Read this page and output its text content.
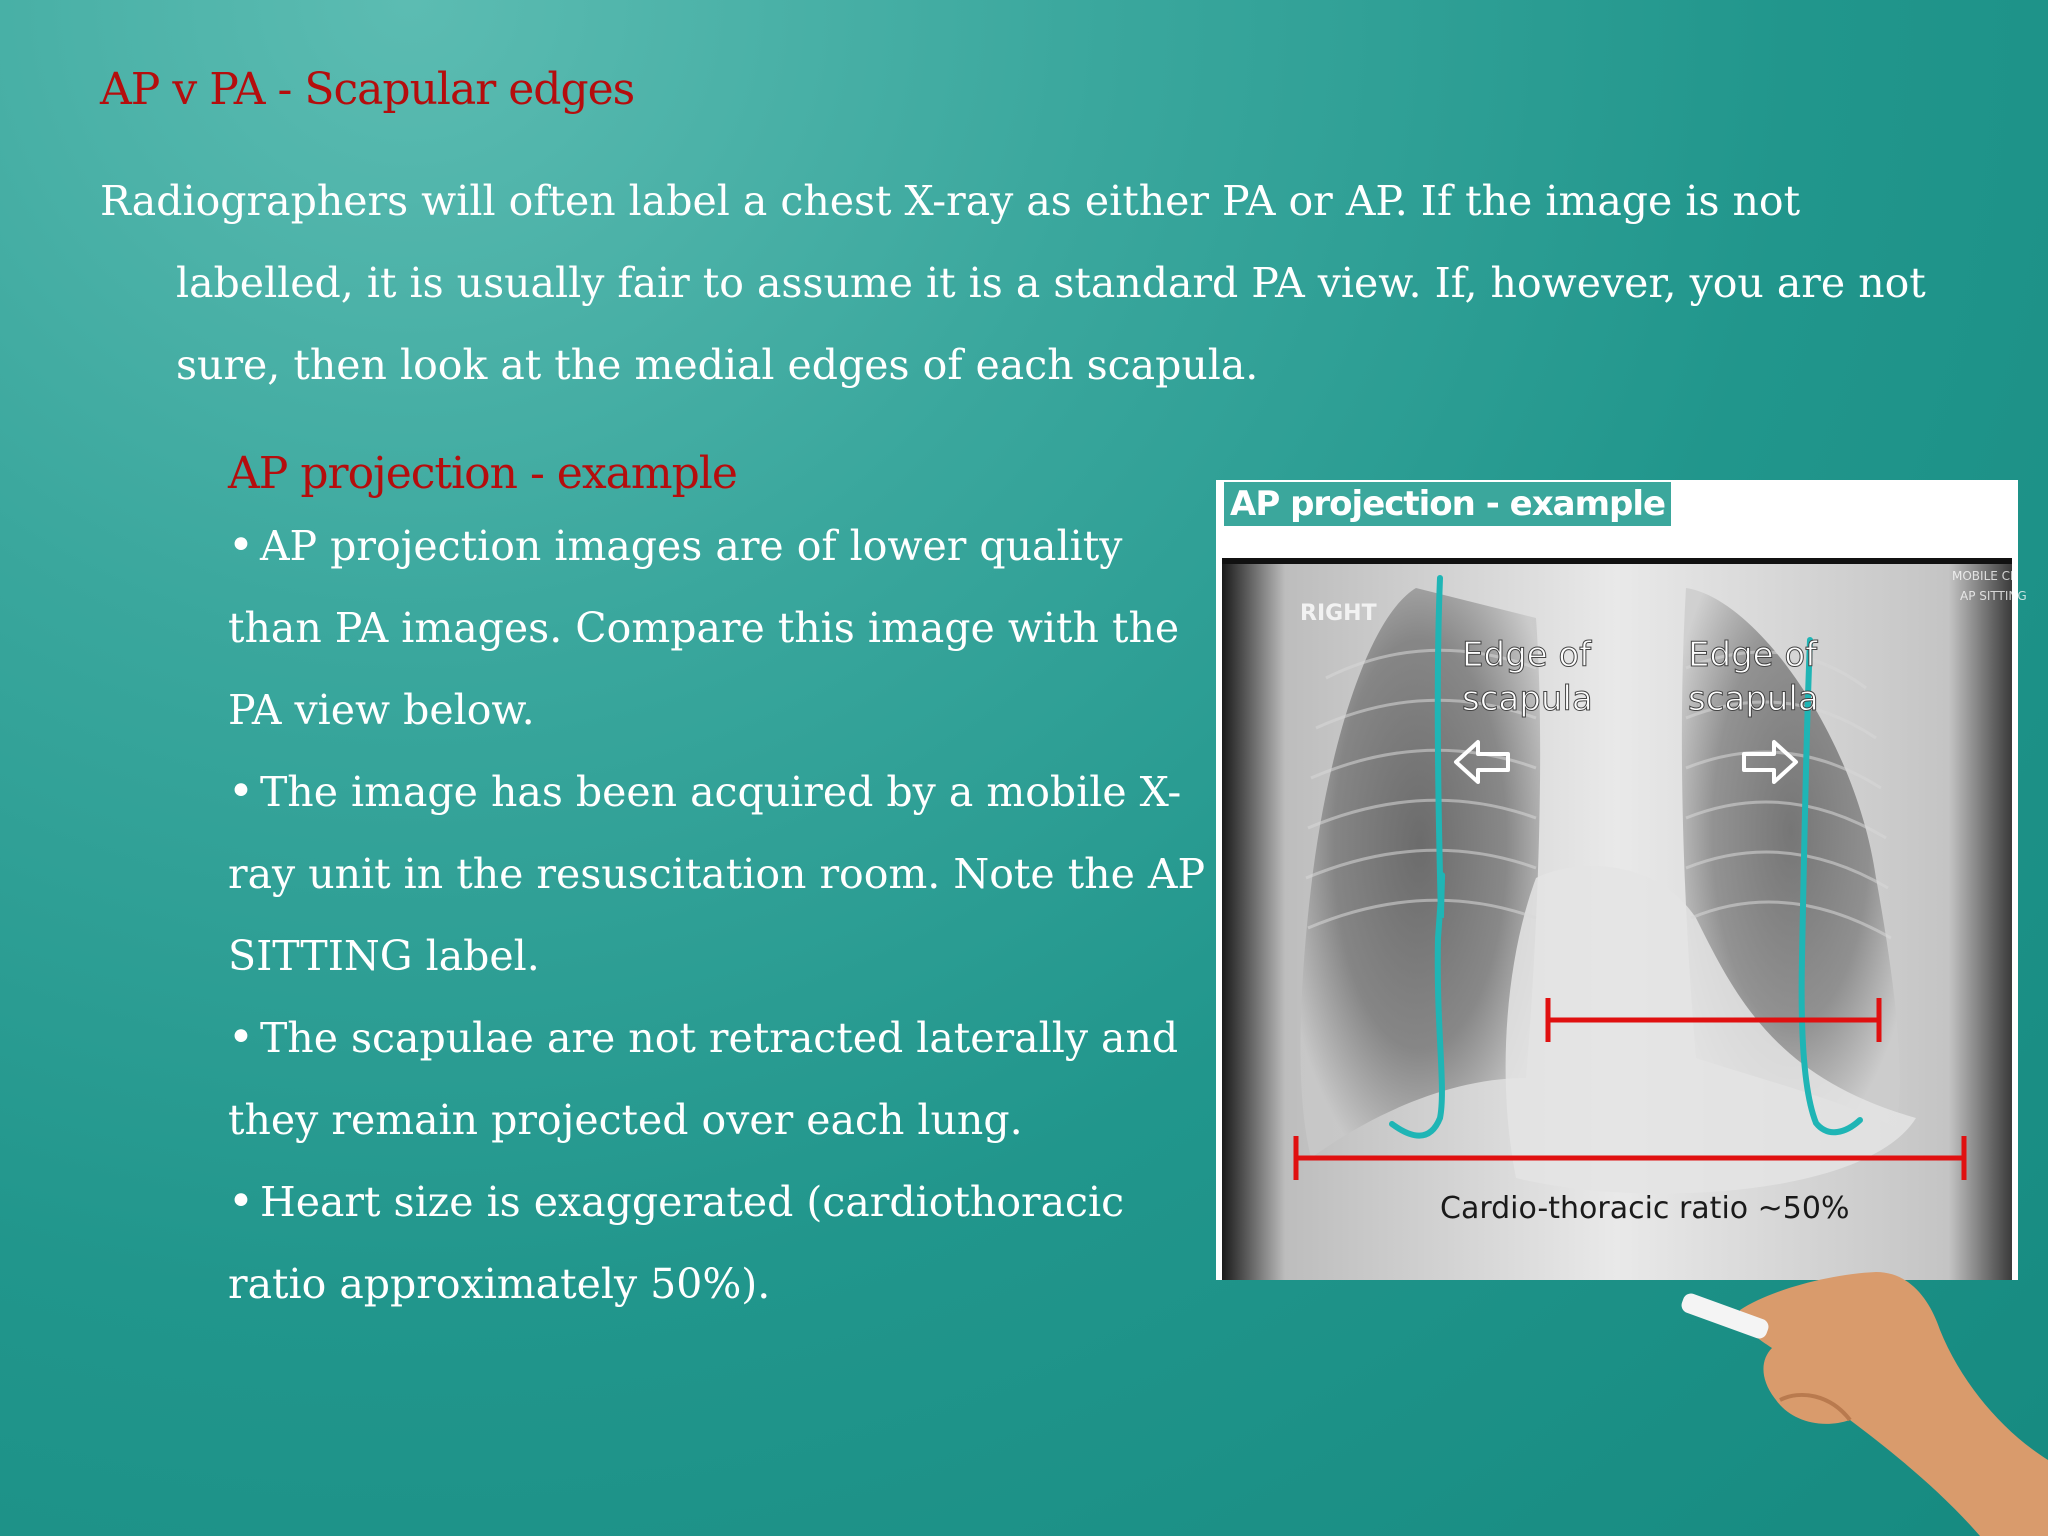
AP v PA - Scapular edges

Radiographers will often label a chest X-ray as either PA or AP. If the image is not labelled, it is usually fair to assume it is a standard PA view. If, however, you are not sure, then look at the medial edges of each scapula.

AP projection - example
• AP projection images are of lower quality than PA images. Compare this image with the PA view below.
• The image has been acquired by a mobile X-ray unit in the resuscitation room. Note the AP SITTING label.
• The scapulae are not retracted laterally and they remain projected over each lung.
• Heart size is exaggerated (cardiothoracic ratio approximately 50%).
AP projection - example
RIGHT
MOBILE CR
AP SITTING
Edge of
scapula
Edge of
scapula
Cardio-thoracic ratio ~50%
